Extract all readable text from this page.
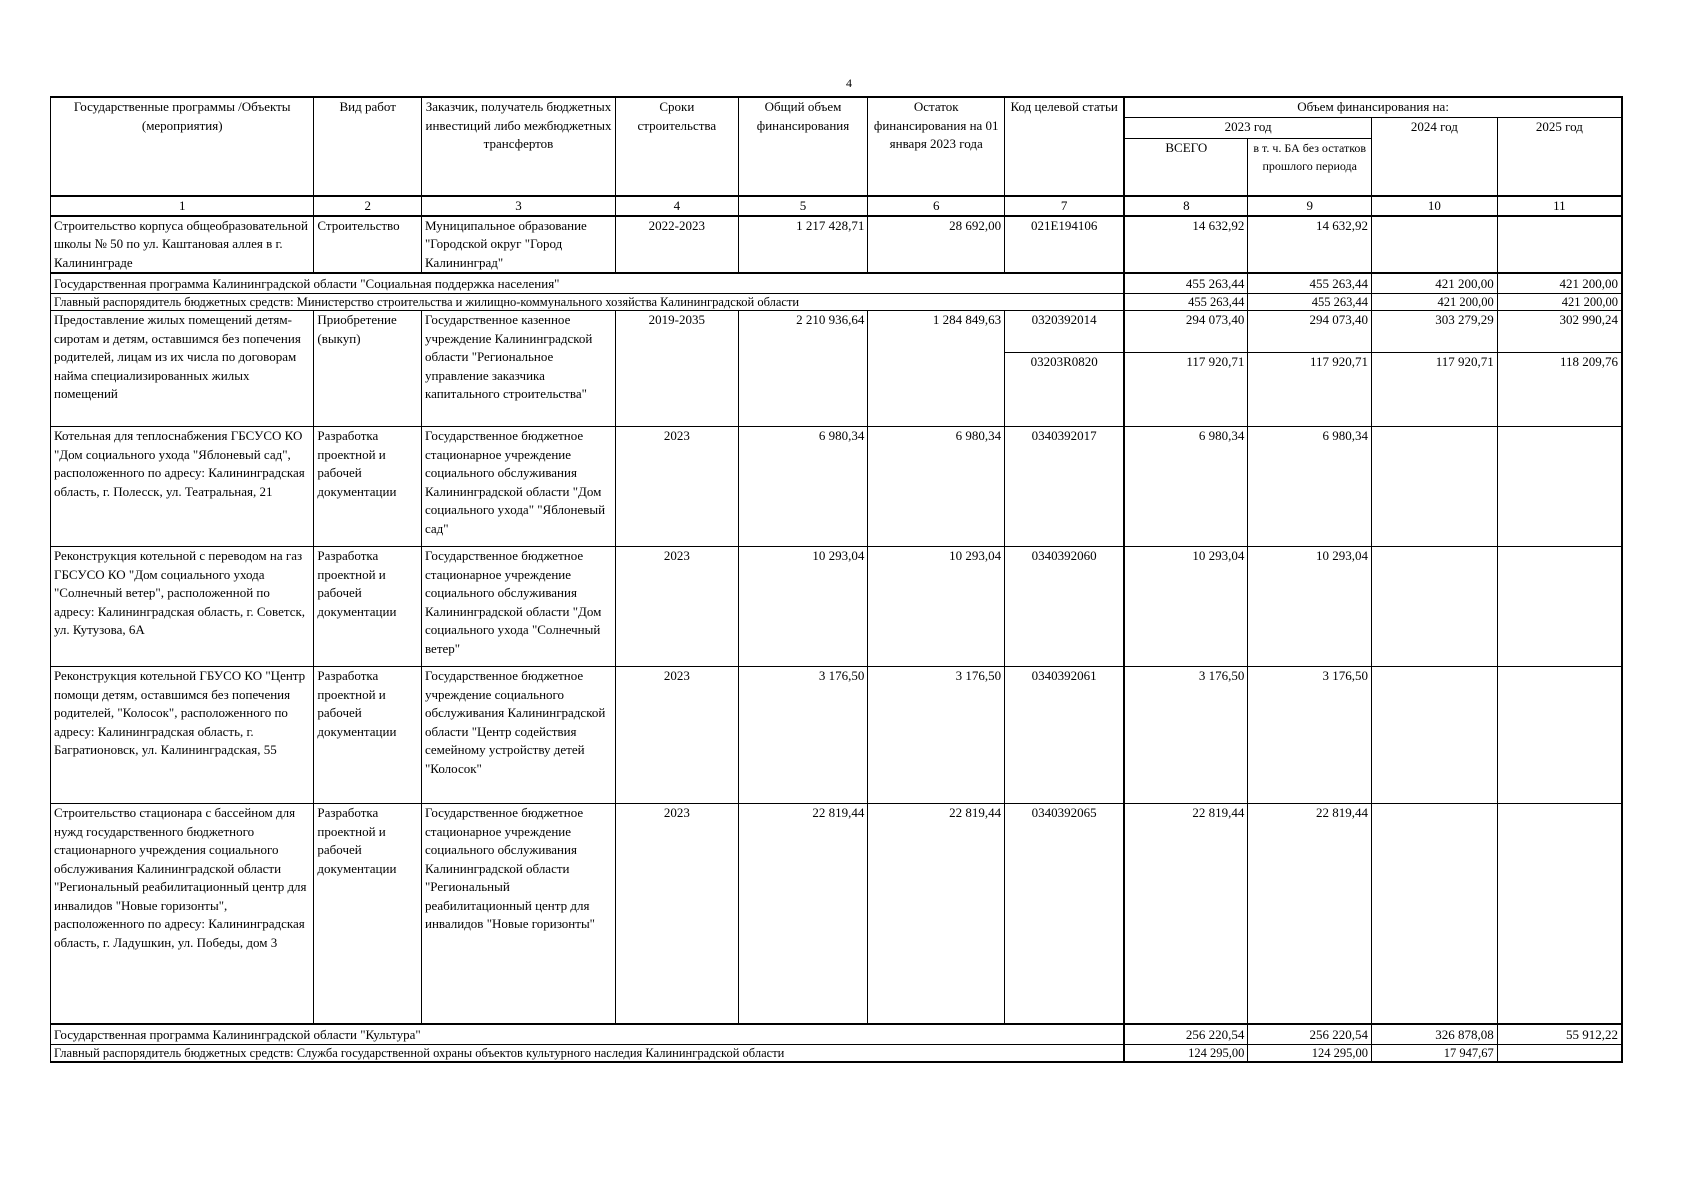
4
Государственные программы /Объекты (мероприятия)	Вид работ	Заказчик, получатель бюджетных инвестиций либо межбюджетных трансфертов	Сроки строительства	Общий объем финансирования	Остаток финансирования на 01 января 2023 года	Код целевой статьи	Объем финансирования на:			
							2023 год		2024 год	2025 год
							ВСЕГО	в т. ч. БА без остатков прошлого периода		
1	2	3	4	5	6	7	8	9	10	11
Строительство корпуса общеобразовательной школы № 50 по ул. Каштановая аллея в г. Калининграде	Строительство	Муниципальное образование "Городской округ "Город Калининград"	2022-2023	1 217 428,71	28 692,00	021E194106	14 632,92	14 632,92		
Государственная программа Калининградской области "Социальная поддержка населения"							455 263,44	455 263,44	421 200,00	421 200,00
Главный распорядитель бюджетных средств: Министерство строительства и жилищно-коммунального хозяйства Калининградской области							455 263,44	455 263,44	421 200,00	421 200,00
Предоставление жилых помещений детям-сиротам и детям, оставшимся без попечения родителей, лицам из их числа по договорам найма специализированных жилых помещений	Приобретение (выкуп)	Государственное казенное учреждение Калининградской области "Региональное управление заказчика капитального строительства"	2019-2035	2 210 936,64	1 284 849,63	0320392014	294 073,40	294 073,40	303 279,29	302 990,24
						03203R0820	117 920,71	117 920,71	117 920,71	118 209,76
Котельная для теплоснабжения ГБСУСО КО "Дом социального ухода "Яблоневый сад", расположенного по адресу: Калининградская область, г. Полесск, ул. Театральная, 21	Разработка проектной и рабочей документации	Государственное бюджетное стационарное учреждение социального обслуживания Калининградской области "Дом социального ухода" "Яблоневый сад"	2023	6 980,34	6 980,34	0340392017	6 980,34	6 980,34		
Реконструкция котельной с переводом на газ ГБСУСО КО "Дом социального ухода "Солнечный ветер", расположенной по адресу: Калининградская область, г. Советск, ул. Кутузова, 6А	Разработка проектной и рабочей документации	Государственное бюджетное стационарное учреждение социального обслуживания Калининградской области "Дом социального ухода "Солнечный ветер"	2023	10 293,04	10 293,04	0340392060	10 293,04	10 293,04		
Реконструкция котельной ГБУСО КО "Центр помощи детям, оставшимся без попечения родителей, "Колосок", расположенного по адресу: Калининградская область, г. Багратионовск, ул. Калининградская, 55	Разработка проектной и рабочей документации	Государственное бюджетное учреждение социального обслуживания Калининградской области "Центр содействия семейному устройству детей "Колосок"	2023	3 176,50	3 176,50	0340392061	3 176,50	3 176,50		
Строительство стационара с бассейном для нужд государственного бюджетного стационарного учреждения социального обслуживания Калининградской области "Региональный реабилитационный центр для инвалидов "Новые горизонты", расположенного по адресу: Калининградская область, г. Ладушкин, ул. Победы, дом 3	Разработка проектной и рабочей документации	Государственное бюджетное стационарное учреждение социального обслуживания Калининградской области "Региональный реабилитационный центр для инвалидов "Новые горизонты"	2023	22 819,44	22 819,44	0340392065	22 819,44	22 819,44		
Государственная программа Калининградской области "Культура"							256 220,54	256 220,54	326 878,08	55 912,22
Главный распорядитель бюджетных средств: Служба государственной охраны объектов культурного наследия Калининградской области							124 295,00	124 295,00	17 947,67	
